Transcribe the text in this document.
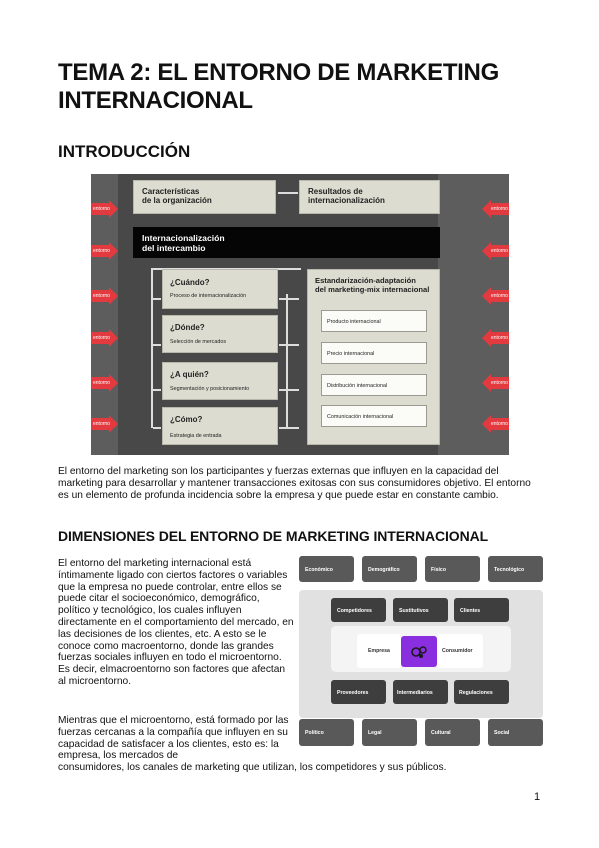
TEMA 2: EL ENTORNO DE MARKETING INTERNACIONAL
INTRODUCCIÓN
entorno	entorno
entorno	entorno
entorno	entorno
entorno	entorno
entorno	entorno
entorno	entorno
Características
de la organización
Resultados de
internacionalización
Internacionalización
del intercambio
¿Cuándo?
Proceso de internacionalización
¿Dónde?
Selección de mercados
¿A quién?
Segmentación y posicionamiento
¿Cómo?
Estrategia de entrada
Estandarización-adaptación
del marketing-mix internacional
Producto internacional
Precio internacional
Distribución internacional
Comunicación internacional
El entorno del marketing son los participantes y fuerzas externas que influyen en la capacidad del marketing para desarrollar y mantener transacciones exitosas con sus consumidores objetivo. El entorno es un elemento de profunda incidencia sobre la empresa y que puede estar en constante cambio.
DIMENSIONES DEL ENTORNO DE MARKETING INTERNACIONAL
El entorno del marketing internacional está íntimamente ligado con ciertos factores o variables que la empresa no puede controlar, entre ellos se puede citar el socioeconómico, demográfico, político y tecnológico, los cuales influyen directamente en el comportamiento del mercado, en las decisiones de los clientes, etc. A esto se le conoce como macroentorno, donde las grandes fuerzas sociales influyen en todo el microentorno. Es decir, elmacroentorno son factores que afectan al microentorno.
Mientras que el microentorno, está formado por las fuerzas cercanas a la compañía que influyen en su capacidad de satisfacer a los clientes, esto es: la empresa, los mercados de
consumidores, los canales de marketing que utilizan, los competidores y sus públicos.
Económico	Demográfico	Físico	Tecnológico
Competidores	Sustitutivos	Clientes
Empresa	Consumidor
Proveedores	Intermediarios	Regulaciones
Político	Legal	Cultural	Social
1
